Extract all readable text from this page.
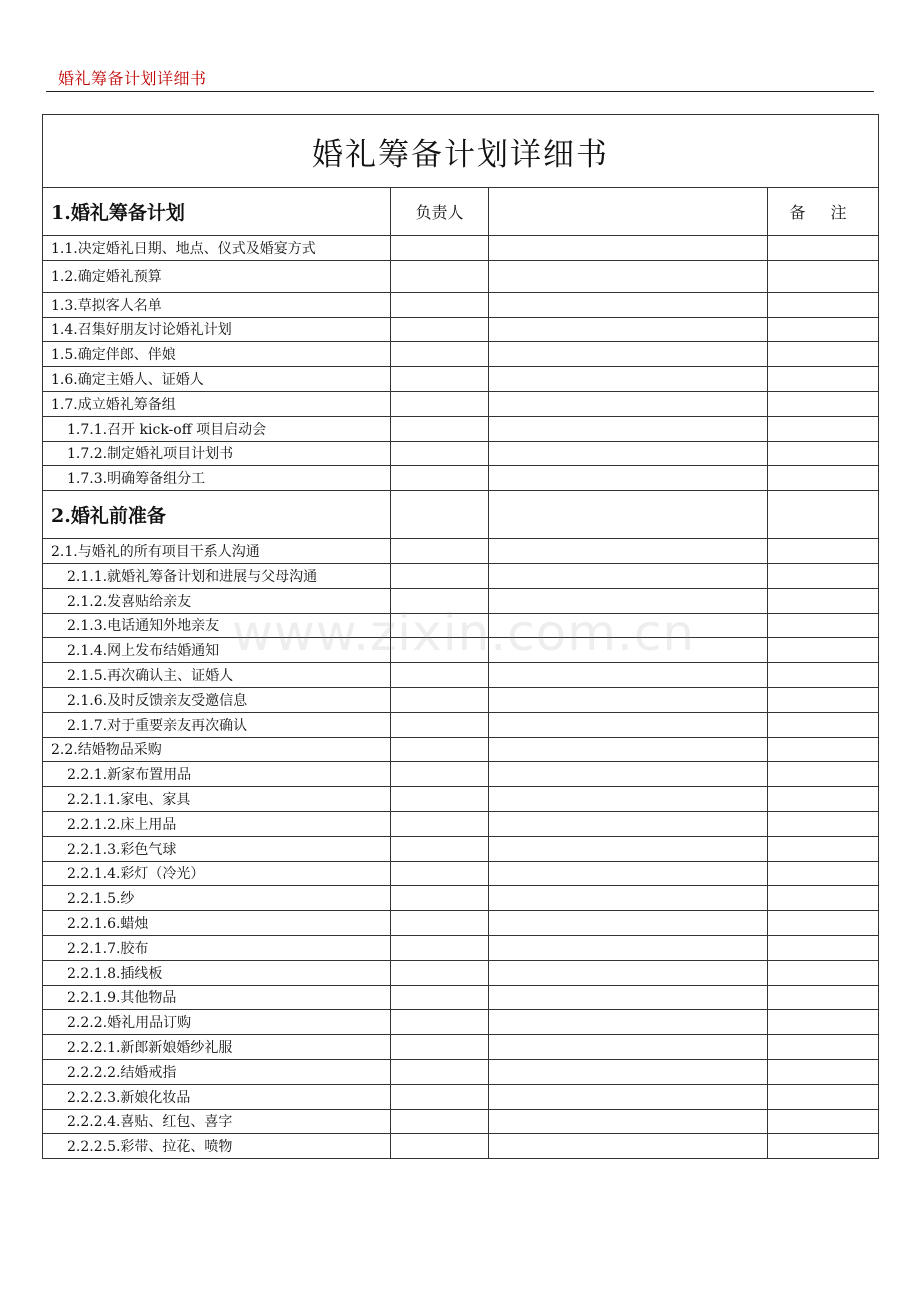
婚礼筹备计划详细书
婚礼筹备计划详细书			
1.婚礼筹备计划	负责人		备 注
1.1.决定婚礼日期、地点、仪式及婚宴方式			
1.2.确定婚礼预算			
1.3.草拟客人名单			
1.4.召集好朋友讨论婚礼计划			
1.5.确定伴郎、伴娘			
1.6.确定主婚人、证婚人			
1.7.成立婚礼筹备组			
1.7.1.召开 kick-off 项目启动会			
1.7.2.制定婚礼项目计划书			
1.7.3.明确筹备组分工			
2.婚礼前准备			
2.1.与婚礼的所有项目干系人沟通			
2.1.1.就婚礼筹备计划和进展与父母沟通			
2.1.2.发喜贴给亲友			
2.1.3.电话通知外地亲友			
2.1.4.网上发布结婚通知			
2.1.5.再次确认主、证婚人			
2.1.6.及时反馈亲友受邀信息			
2.1.7.对于重要亲友再次确认			
2.2.结婚物品采购			
2.2.1.新家布置用品			
2.2.1.1.家电、家具			
2.2.1.2.床上用品			
2.2.1.3.彩色气球			
2.2.1.4.彩灯（冷光）			
2.2.1.5.纱			
2.2.1.6.蜡烛			
2.2.1.7.胶布			
2.2.1.8.插线板			
2.2.1.9.其他物品			
2.2.2.婚礼用品订购			
2.2.2.1.新郎新娘婚纱礼服			
2.2.2.2.结婚戒指			
2.2.2.3.新娘化妆品			
2.2.2.4.喜贴、红包、喜字			
2.2.2.5.彩带、拉花、喷物			
www.zixin.com.cn
